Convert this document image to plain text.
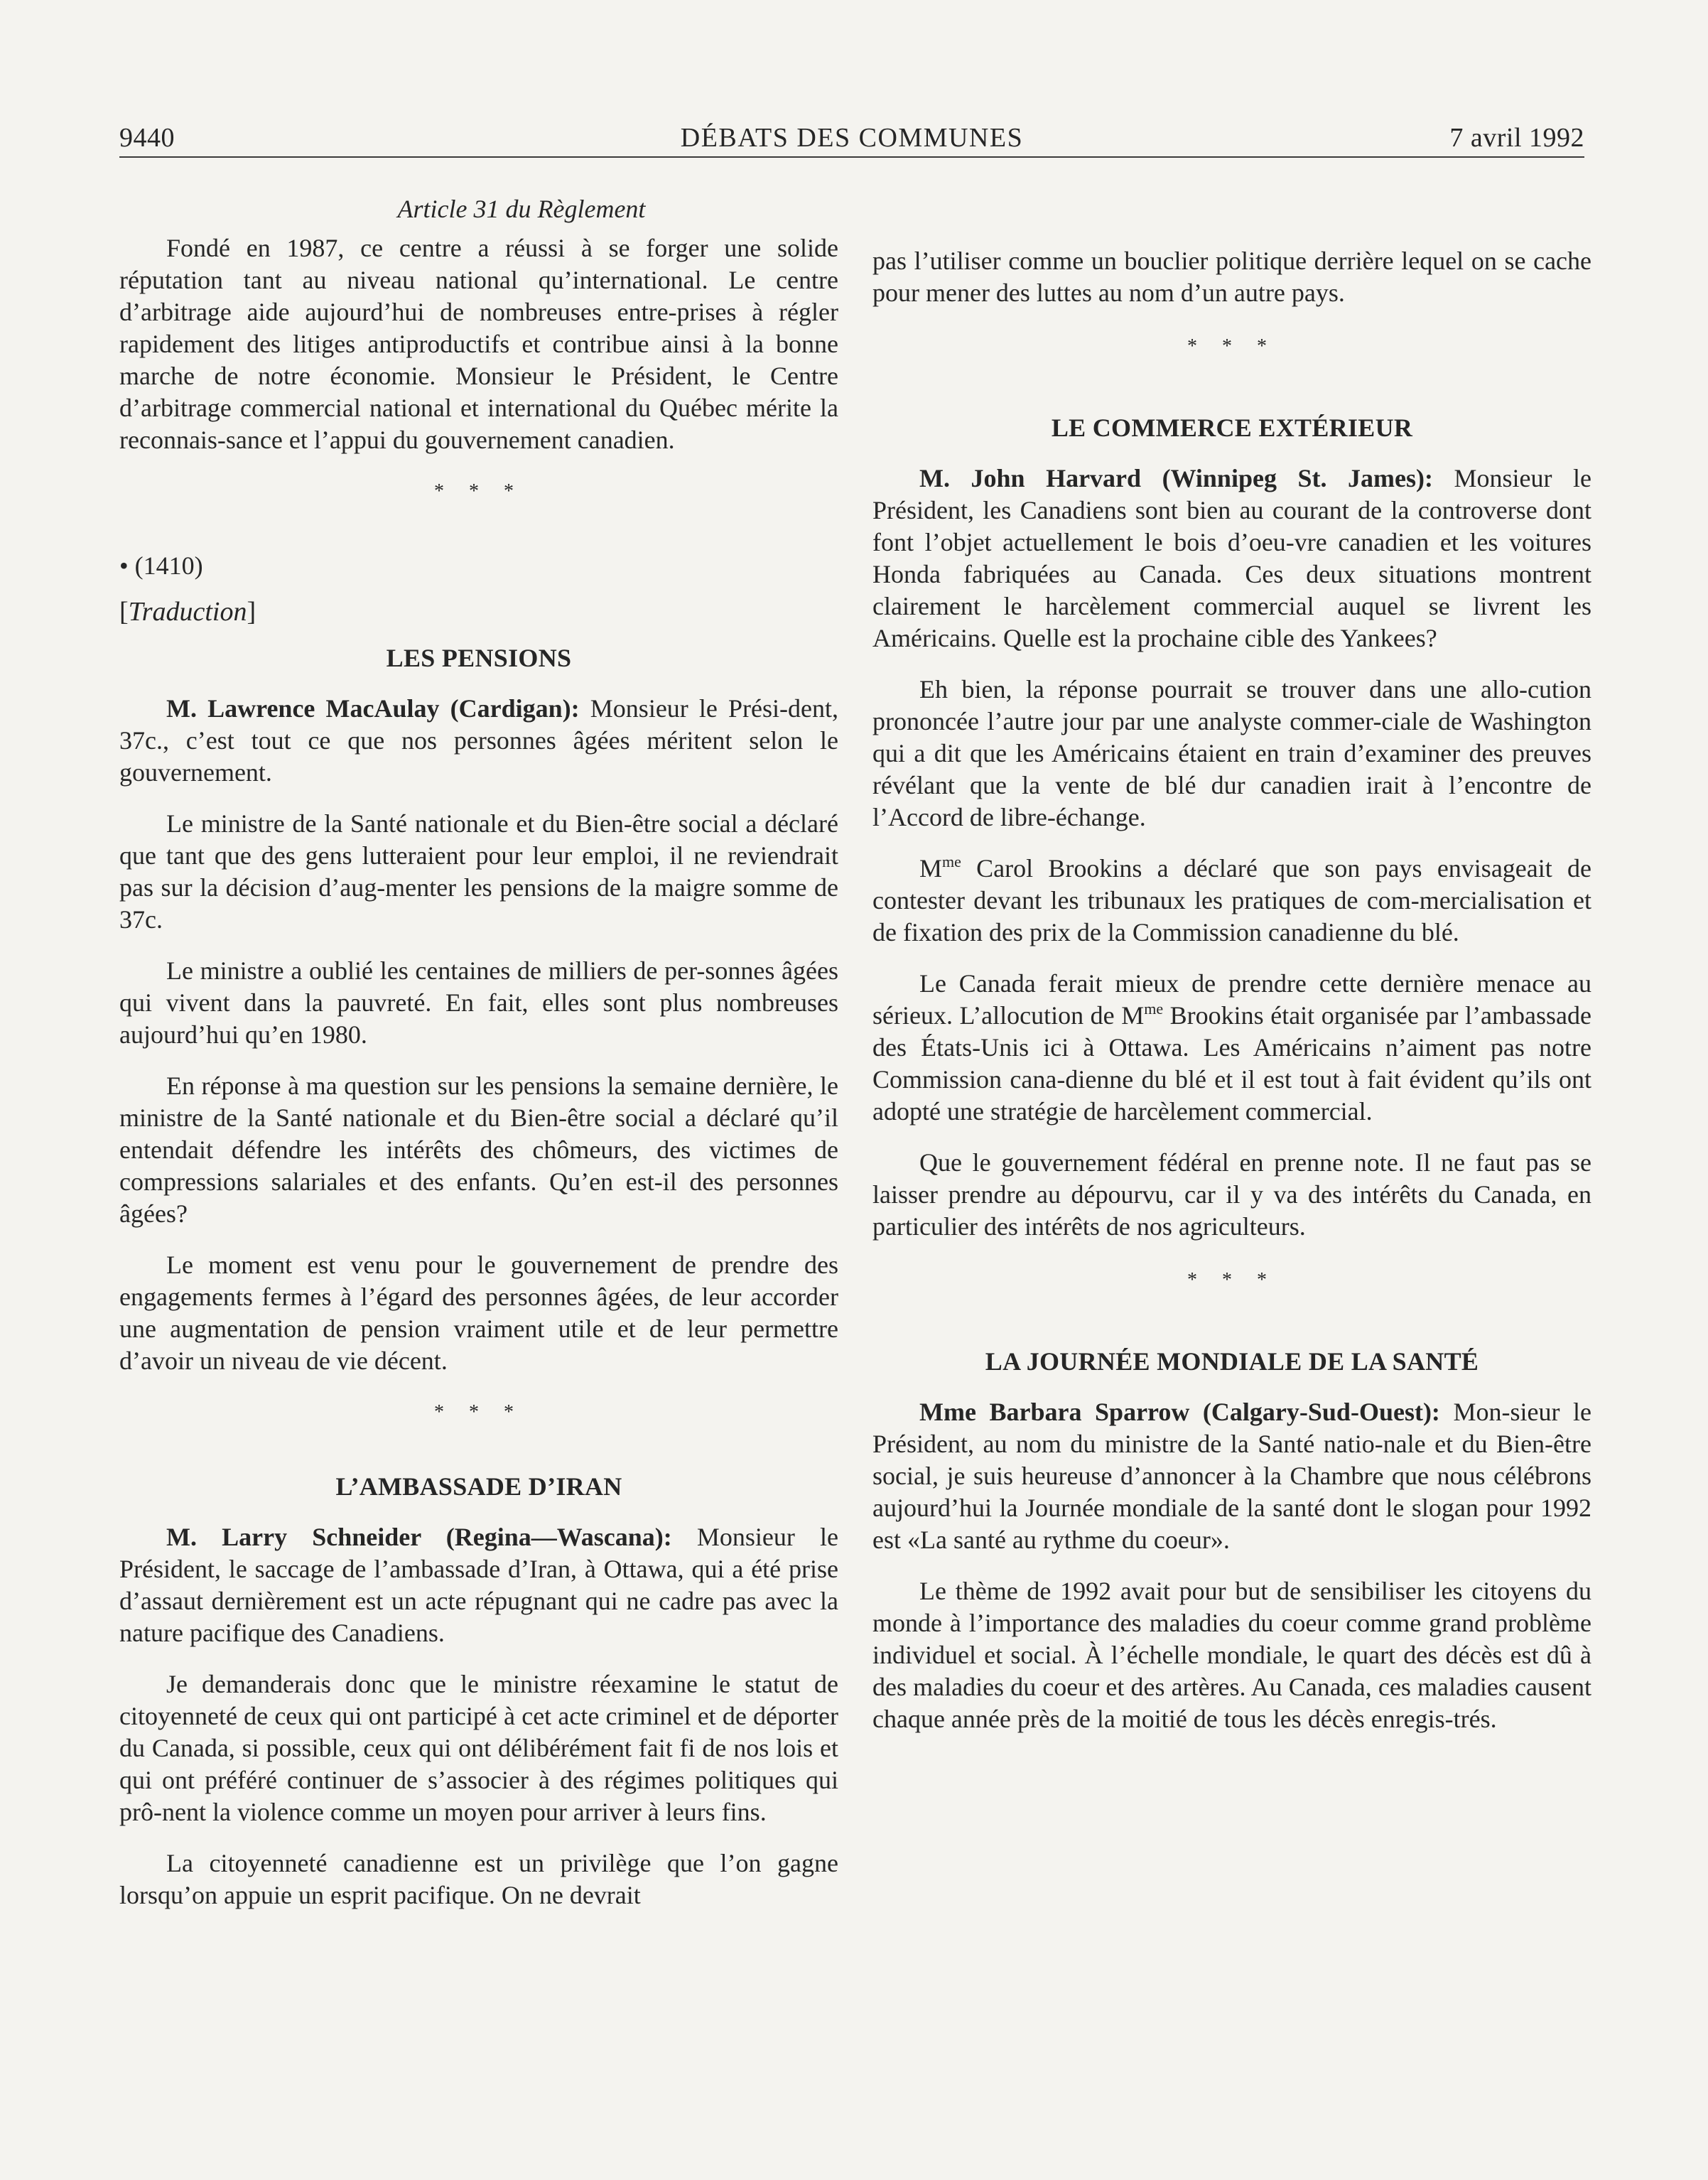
9440	DÉBATS DES COMMUNES	7 avril 1992

Article 31 du Règlement

Fondé en 1987, ce centre a réussi à se forger une solide réputation tant au niveau national qu’international. Le centre d’arbitrage aide aujourd’hui de nombreuses entre-prises à régler rapidement des litiges antiproductifs et contribue ainsi à la bonne marche de notre économie. Monsieur le Président, le Centre d’arbitrage commercial national et international du Québec mérite la reconnais-sance et l’appui du gouvernement canadien.

* * *

• (1410)

[Traduction]

LES PENSIONS

M. Lawrence MacAulay (Cardigan): Monsieur le Prési-dent, 37c., c’est tout ce que nos personnes âgées méritent selon le gouvernement.

Le ministre de la Santé nationale et du Bien-être social a déclaré que tant que des gens lutteraient pour leur emploi, il ne reviendrait pas sur la décision d’aug-menter les pensions de la maigre somme de 37c.

Le ministre a oublié les centaines de milliers de per-sonnes âgées qui vivent dans la pauvreté. En fait, elles sont plus nombreuses aujourd’hui qu’en 1980.

En réponse à ma question sur les pensions la semaine dernière, le ministre de la Santé nationale et du Bien-être social a déclaré qu’il entendait défendre les intérêts des chômeurs, des victimes de compressions salariales et des enfants. Qu’en est-il des personnes âgées?

Le moment est venu pour le gouvernement de prendre des engagements fermes à l’égard des personnes âgées, de leur accorder une augmentation de pension vraiment utile et de leur permettre d’avoir un niveau de vie décent.

* * *

L’AMBASSADE D’IRAN

M. Larry Schneider (Regina—Wascana): Monsieur le Président, le saccage de l’ambassade d’Iran, à Ottawa, qui a été prise d’assaut dernièrement est un acte répugnant qui ne cadre pas avec la nature pacifique des Canadiens.

Je demanderais donc que le ministre réexamine le statut de citoyenneté de ceux qui ont participé à cet acte criminel et de déporter du Canada, si possible, ceux qui ont délibérément fait fi de nos lois et qui ont préféré continuer de s’associer à des régimes politiques qui prô-nent la violence comme un moyen pour arriver à leurs fins.

La citoyenneté canadienne est un privilège que l’on gagne lorsqu’on appuie un esprit pacifique. On ne devrait

pas l’utiliser comme un bouclier politique derrière lequel on se cache pour mener des luttes au nom d’un autre pays.

* * *

LE COMMERCE EXTÉRIEUR

M. John Harvard (Winnipeg St. James): Monsieur le Président, les Canadiens sont bien au courant de la controverse dont font l’objet actuellement le bois d’oeu-vre canadien et les voitures Honda fabriquées au Canada. Ces deux situations montrent clairement le harcèlement commercial auquel se livrent les Américains. Quelle est la prochaine cible des Yankees?

Eh bien, la réponse pourrait se trouver dans une allo-cution prononcée l’autre jour par une analyste commer-ciale de Washington qui a dit que les Américains étaient en train d’examiner des preuves révélant que la vente de blé dur canadien irait à l’encontre de l’Accord de libre-échange.

$M^{me}$ Carol Brookins a déclaré que son pays envisageait de contester devant les tribunaux les pratiques de com-mercialisation et de fixation des prix de la Commission canadienne du blé.

Le Canada ferait mieux de prendre cette dernière menace au sérieux. L’allocution de $M^{me}$ Brookins était organisée par l’ambassade des États-Unis ici à Ottawa. Les Américains n’aiment pas notre Commission cana-dienne du blé et il est tout à fait évident qu’ils ont adopté une stratégie de harcèlement commercial.

Que le gouvernement fédéral en prenne note. Il ne faut pas se laisser prendre au dépourvu, car il y va des intérêts du Canada, en particulier des intérêts de nos agriculteurs.

* * *

LA JOURNÉE MONDIALE DE LA SANTÉ

Mme Barbara Sparrow (Calgary-Sud-Ouest): Mon-sieur le Président, au nom du ministre de la Santé natio-nale et du Bien-être social, je suis heureuse d’annoncer à la Chambre que nous célébrons aujourd’hui la Journée mondiale de la santé dont le slogan pour 1992 est «La santé au rythme du coeur».

Le thème de 1992 avait pour but de sensibiliser les citoyens du monde à l’importance des maladies du coeur comme grand problème individuel et social. À l’échelle mondiale, le quart des décès est dû à des maladies du coeur et des artères. Au Canada, ces maladies causent chaque année près de la moitié de tous les décès enregis-trés.
